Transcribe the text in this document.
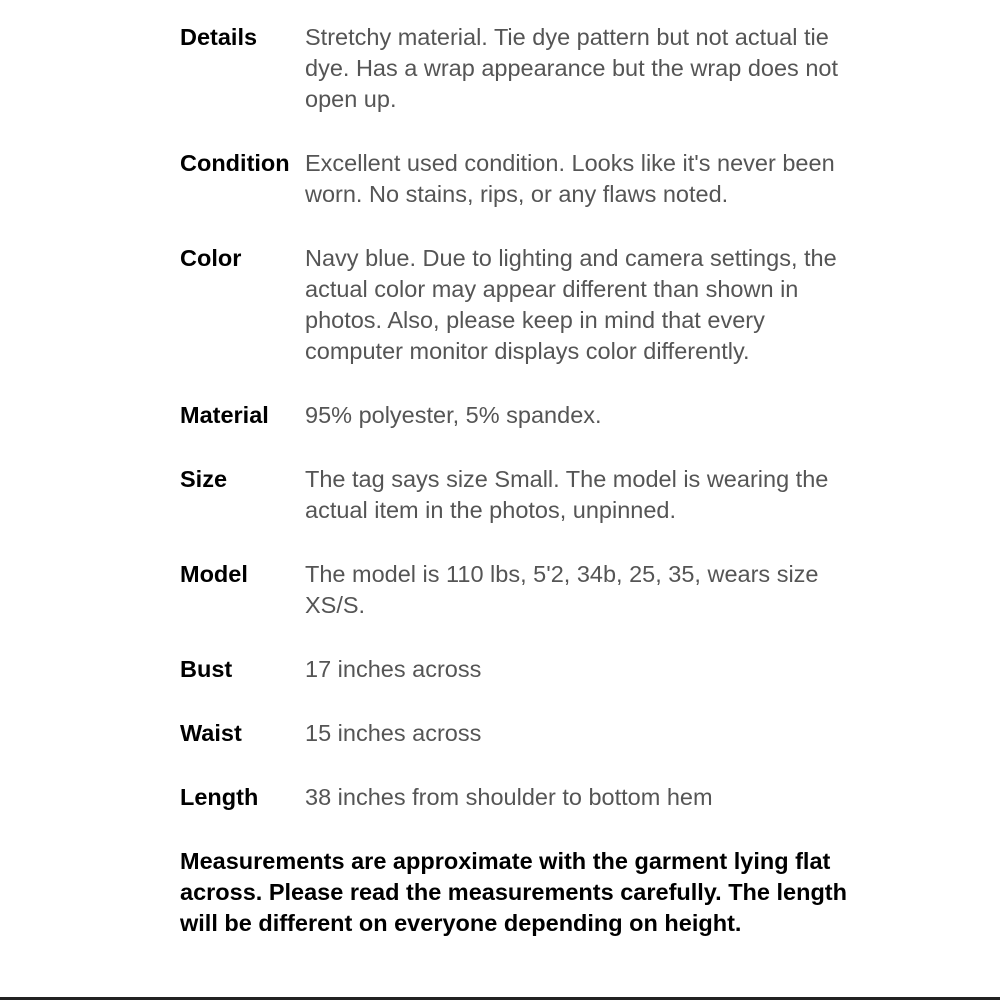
Details	Stretchy material. Tie dye pattern but not actual tie dye. Has a wrap appearance but the wrap does not open up.
Condition Excellent used condition. Looks like it's never been worn. No stains, rips, or any flaws noted.
Color	Navy blue. Due to lighting and camera settings, the actual color may appear different than shown in photos. Also, please keep in mind that every computer monitor displays color differently.
Material	95% polyester, 5% spandex.
Size	The tag says size Small. The model is wearing the actual item in the photos, unpinned.
Model	The model is 110 lbs, 5'2, 34b, 25, 35, wears size XS/S.
Bust	17 inches across
Waist	15 inches across
Length	38 inches from shoulder to bottom hem
Measurements are approximate with the garment lying flat across. Please read the measurements carefully. The length will be different on everyone depending on height.
